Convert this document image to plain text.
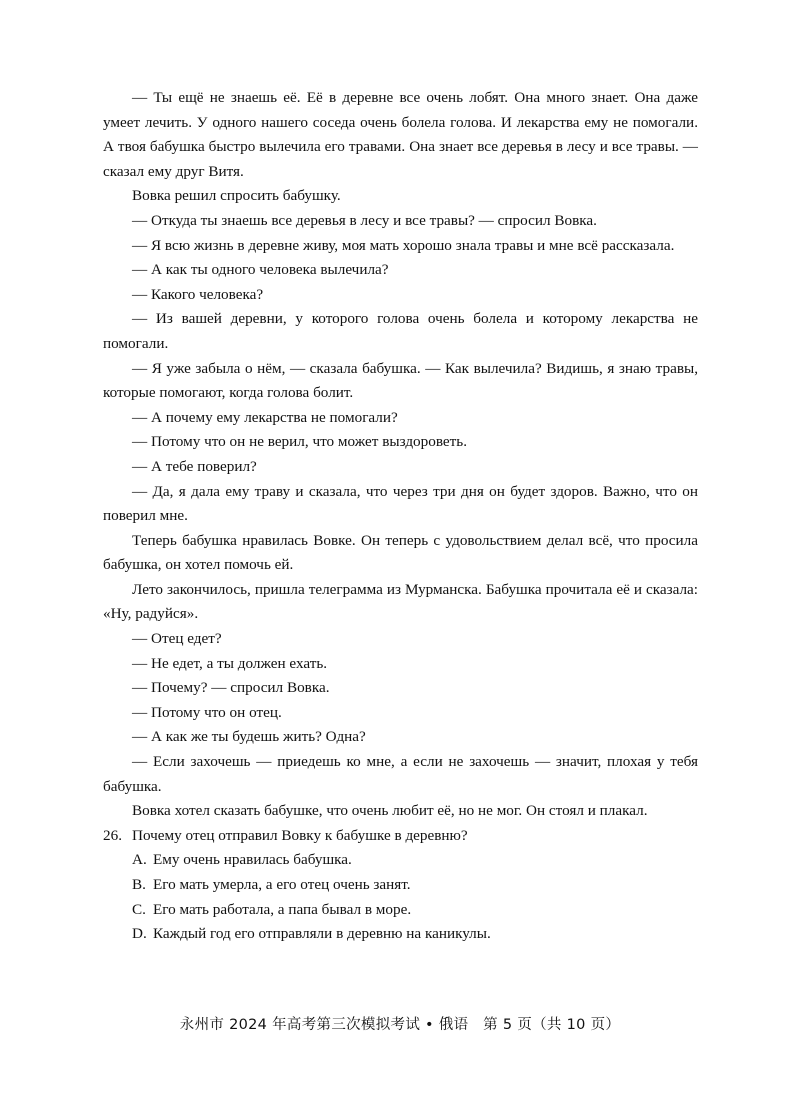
— Ты ещё не знаешь её. Её в деревне все очень лобят. Она много знает. Она даже умеет лечить. У одного нашего соседа очень болела голова. И лекарства ему не помогали. А твоя бабушка быстро вылечила его травами. Она знает все деревья в лесу и все травы. — сказал ему друг Витя.

Вовка решил спросить бабушку.

— Откуда ты знаешь все деревья в лесу и все травы? — спросил Вовка.

— Я всю жизнь в деревне живу, моя мать хорошо знала травы и мне всё рассказала.

— А как ты одного человека вылечила?

— Какого человека?

— Из вашей деревни, у которого голова очень болела и которому лекарства не помогали.

— Я уже забыла о нём, — сказала бабушка. — Как вылечила? Видишь, я знаю травы, которые помогают, когда голова болит.

— А почему ему лекарства не помогали?

— Потому что он не верил, что может выздороветь.

— А тебе поверил?

— Да, я дала ему траву и сказала, что через три дня он будет здоров. Важно, что он поверил мне.

Теперь бабушка нравилась Вовке. Он теперь с удовольствием делал всё, что просила бабушка, он хотел помочь ей.

Лето закончилось, пришла телеграмма из Мурманска. Бабушка прочитала её и сказала: «Ну, радуйся».

— Отец едет?

— Не едет, а ты должен ехать.

— Почему? — спросил Вовка.

— Потому что он отец.

— А как же ты будешь жить? Одна?

— Если захочешь — приедешь ко мне, а если не захочешь — значит, плохая у тебя бабушка.

Вовка хотел сказать бабушке, что очень любит её, но не мог. Он стоял и плакал.

26. Почему отец отправил Вовку к бабушке в деревню?

A. Ему очень нравилась бабушка.

B. Его мать умерла, а его отец очень занят.

C. Его мать работала, а папа бывал в море.

D. Каждый год его отправляли в деревню на каникулы.

永州市 2024 年高考第三次模拟考试 • 俄语　第 5 页（共 10 页）
